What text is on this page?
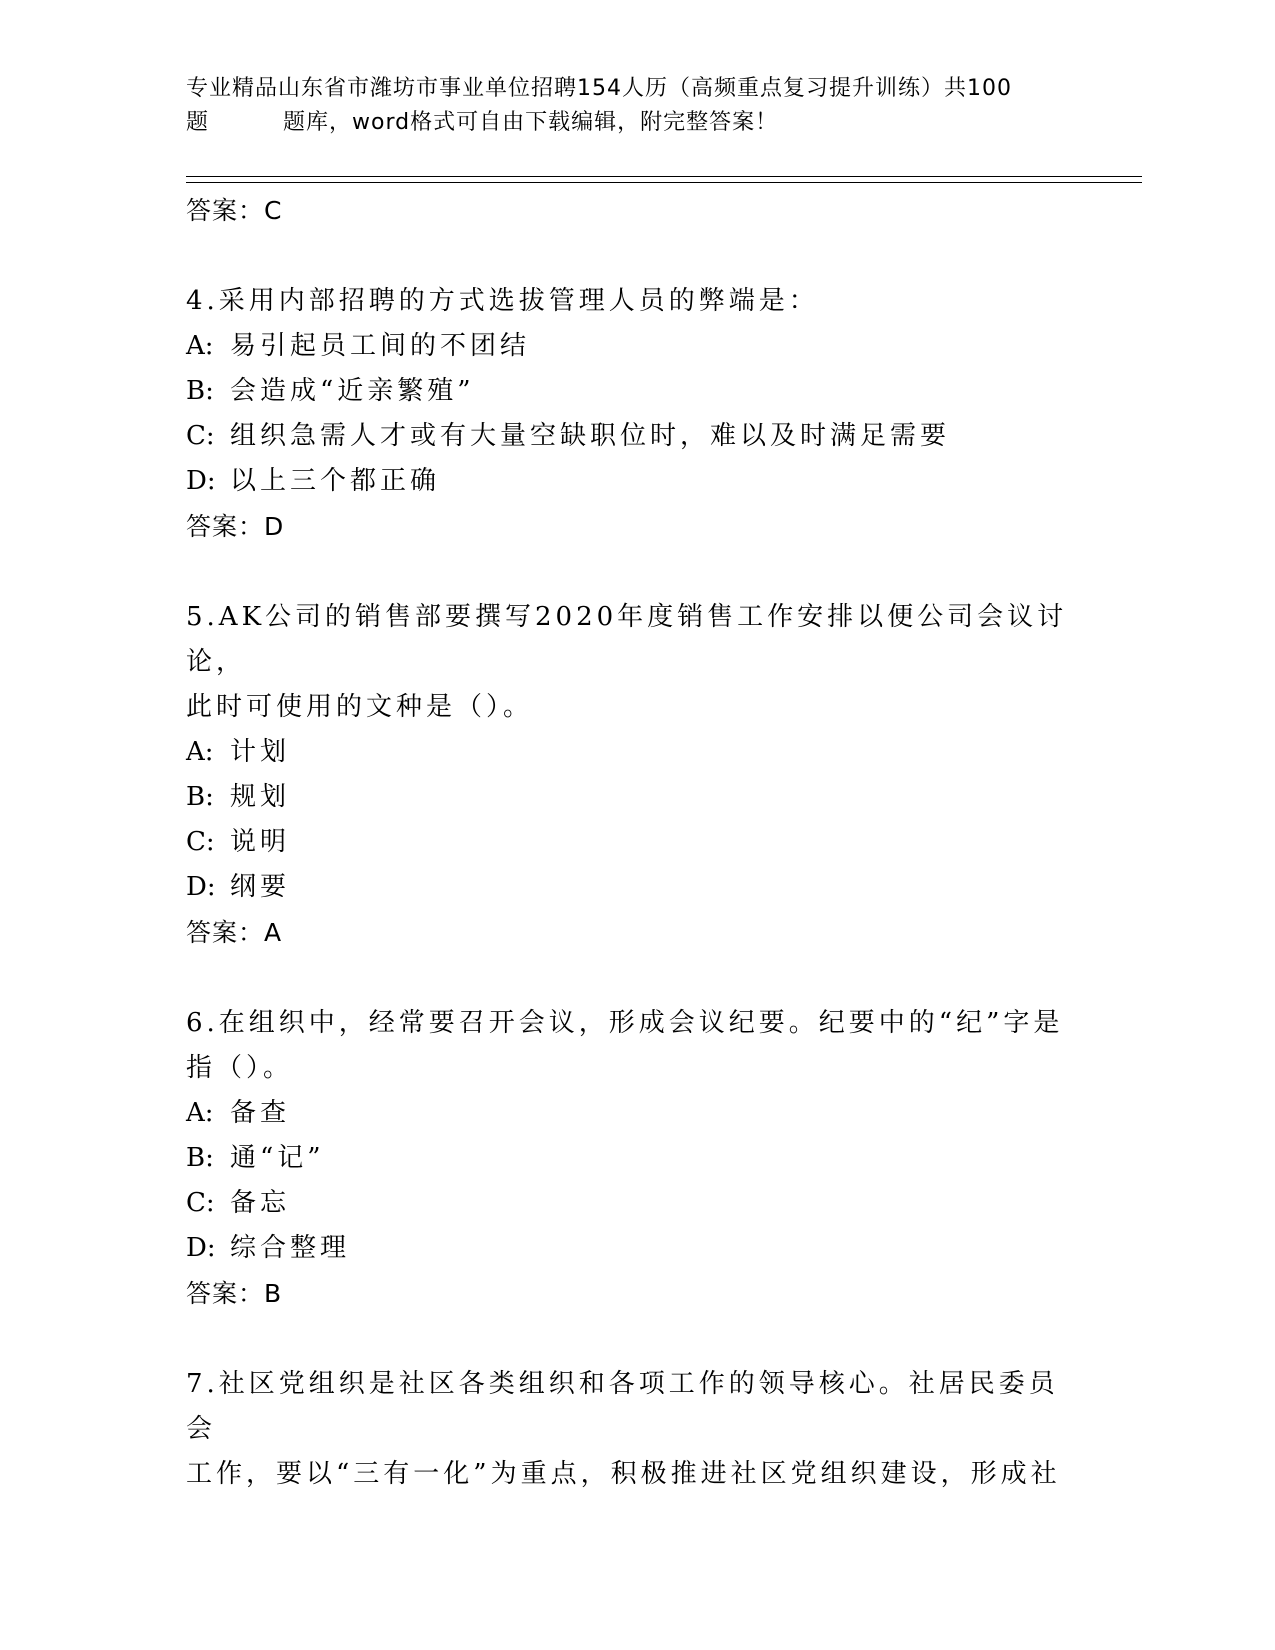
专业精品山东省市潍坊市事业单位招聘154人历（高频重点复习提升训练）共100
题	题库，word格式可自由下载编辑，附完整答案！
答案：C
4.采用内部招聘的方式选拔管理人员的弊端是：
A: 易引起员工间的不团结
B: 会造成“近亲繁殖”
C: 组织急需人才或有大量空缺职位时，难以及时满足需要
D: 以上三个都正确
答案：D
5.AK公司的销售部要撰写2020年度销售工作安排以便公司会议讨论，
此时可使用的文种是（）。
A: 计划
B: 规划
C: 说明
D: 纲要
答案：A
6.在组织中，经常要召开会议，形成会议纪要。纪要中的“纪”字是
指（）。
A: 备查
B: 通“记”
C: 备忘
D: 综合整理
答案：B
7.社区党组织是社区各类组织和各项工作的领导核心。社居民委员会
工作，要以“三有一化”为重点，积极推进社区党组织建设，形成社
